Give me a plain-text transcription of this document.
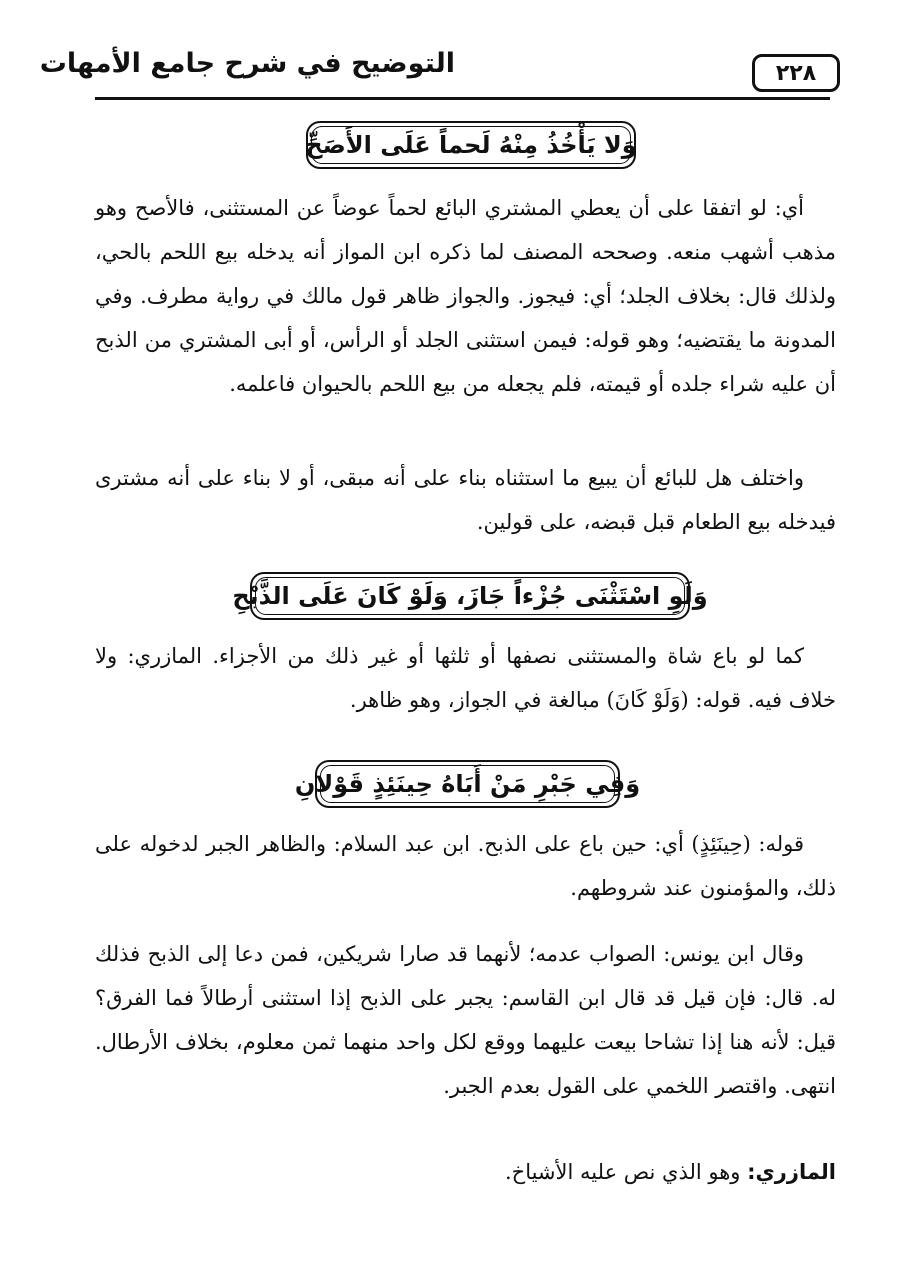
التوضيح في شرح جامع الأمهات	٢٢٨
وَلا يَأْخُذُ مِنْهُ لَحماً عَلَى الأَصَحِّ
أي: لو اتفقا على أن يعطي المشتري البائع لحماً عوضاً عن المستثنى، فالأصح وهو مذهب أشهب منعه. وصححه المصنف لما ذكره ابن المواز أنه يدخله بيع اللحم بالحي، ولذلك قال: بخلاف الجلد؛ أي: فيجوز. والجواز ظاهر قول مالك في رواية مطرف. وفي المدونة ما يقتضيه؛ وهو قوله: فيمن استثنى الجلد أو الرأس، أو أبى المشتري من الذبح أن عليه شراء جلده أو قيمته، فلم يجعله من بيع اللحم بالحيوان فاعلمه.
واختلف هل للبائع أن يبيع ما استثناه بناء على أنه مبقى، أو لا بناء على أنه مشترى فيدخله بيع الطعام قبل قبضه، على قولين.
وَلَوِ اسْتَثْنَى جُزْءاً جَازَ، وَلَوْ كَانَ عَلَى الذَّبْحِ
كما لو باع شاة والمستثنى نصفها أو ثلثها أو غير ذلك من الأجزاء. المازري: ولا خلاف فيه. قوله: (وَلَوْ كَانَ) مبالغة في الجواز، وهو ظاهر.
وَفِي جَبْرِ مَنْ أَبَاهُ حِينَئِذٍ قَوْلانِ
قوله: (حِينَئِذٍ) أي: حين باع على الذبح. ابن عبد السلام: والظاهر الجبر لدخوله على ذلك، والمؤمنون عند شروطهم.
وقال ابن يونس: الصواب عدمه؛ لأنهما قد صارا شريكين، فمن دعا إلى الذبح فذلك له. قال: فإن قيل قد قال ابن القاسم: يجبر على الذبح إذا استثنى أرطالاً فما الفرق؟ قيل: لأنه هنا إذا تشاحا بيعت عليهما ووقع لكل واحد منهما ثمن معلوم، بخلاف الأرطال. انتهى. واقتصر اللخمي على القول بعدم الجبر.
المازري: وهو الذي نص عليه الأشياخ.
